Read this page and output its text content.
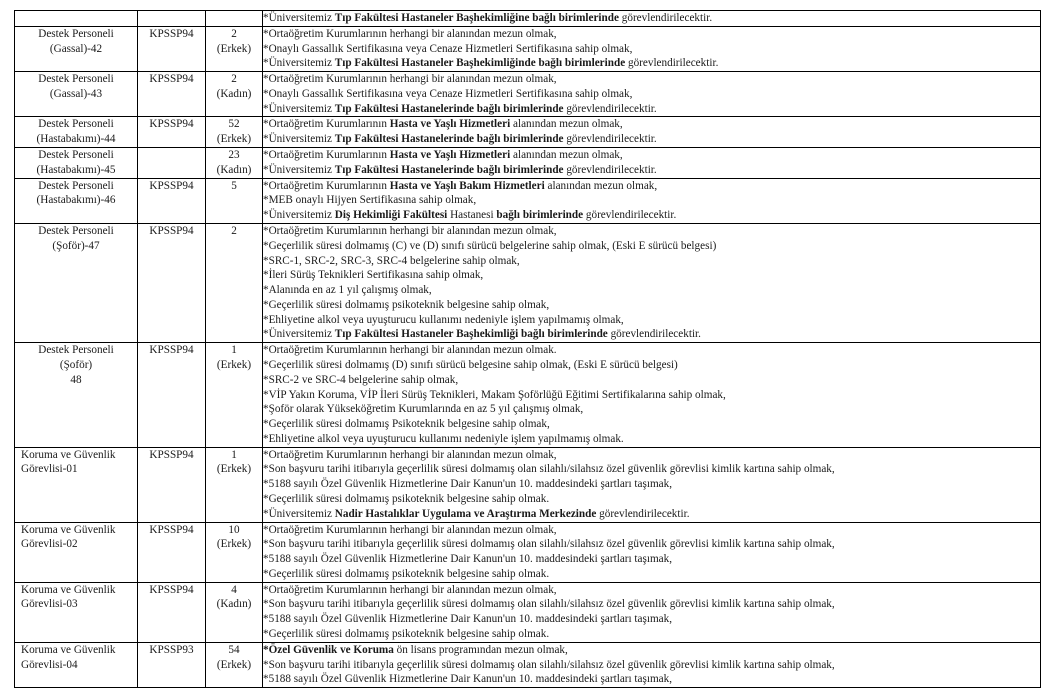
			*Üniversitemiz Tıp Fakültesi Hastaneler Başhekimliğine bağlı birimlerinde görevlendirilecektir.

Destek Personeli
(Gassal)-42	KPSSP94	2
(Erkek)	*Ortaöğretim Kurumlarının herhangi bir alanından mezun olmak,
*Onaylı Gassallık Sertifikasına veya Cenaze Hizmetleri Sertifikasına sahip olmak,
*Üniversitemiz Tıp Fakültesi Hastaneler Başhekimliğinde bağlı birimlerinde görevlendirilecektir.

Destek Personeli
(Gassal)-43	KPSSP94	2
(Kadın)	*Ortaöğretim Kurumlarının herhangi bir alanından mezun olmak,
*Onaylı Gassallık Sertifikasına veya Cenaze Hizmetleri Sertifikasına sahip olmak,
*Üniversitemiz Tıp Fakültesi Hastanelerinde bağlı birimlerinde görevlendirilecektir.

Destek Personeli
(Hastabakımı)-44	KPSSP94	52
(Erkek)	*Ortaöğretim Kurumlarının Hasta ve Yaşlı Hizmetleri alanından mezun olmak,
*Üniversitemiz Tıp Fakültesi Hastanelerinde bağlı birimlerinde görevlendirilecektir.

Destek Personeli
(Hastabakımı)-45		23
(Kadın)	*Ortaöğretim Kurumlarının Hasta ve Yaşlı Hizmetleri alanından mezun olmak,
*Üniversitemiz Tıp Fakültesi Hastanelerinde bağlı birimlerinde görevlendirilecektir.

Destek Personeli
(Hastabakımı)-46	KPSSP94	5	*Ortaöğretim Kurumlarının Hasta ve Yaşlı Bakım Hizmetleri alanından mezun olmak,
*MEB onaylı Hijyen Sertifikasına sahip olmak,
*Üniversitemiz Diş Hekimliği Fakültesi Hastanesi bağlı birimlerinde görevlendirilecektir.

Destek Personeli
(Şoför)-47
	KPSSP94	2	*Ortaöğretim Kurumlarının herhangi bir alanından mezun olmak,
*Geçerlilik süresi dolmamış (C) ve (D) sınıfı sürücü belgelerine sahip olmak, (Eski E sürücü belgesi)
*SRC-1, SRC-2, SRC-3, SRC-4 belgelerine sahip olmak,
*İleri Sürüş Teknikleri Sertifikasına sahip olmak,
*Alanında en az 1 yıl çalışmış olmak,
*Geçerlilik süresi dolmamış psikoteknik belgesine sahip olmak,
*Ehliyetine alkol veya uyuşturucu kullanımı nedeniyle işlem yapılmamış olmak,
*Üniversitemiz Tıp Fakültesi Hastaneler Başhekimliği bağlı birimlerinde görevlendirilecektir.

Destek Personeli
(Şoför)
48
	KPSSP94	1
(Erkek)

*Ortaöğretim Kurumlarının herhangi bir alanından mezun olmak.
*Geçerlilik süresi dolmamış (D) sınıfı sürücü belgesine sahip olmak, (Eski E sürücü belgesi)
*SRC-2 ve SRC-4 belgelerine sahip olmak,
*VİP Yakın Koruma, VİP İleri Sürüş Teknikleri, Makam Şoförlüğü Eğitimi Sertifikalarına sahip olmak,
*Şoför olarak Yükseköğretim Kurumlarında en az 5 yıl çalışmış olmak,
*Geçerlilik süresi dolmamış Psikoteknik belgesine sahip olmak,
*Ehliyetine alkol veya uyuşturucu kullanımı nedeniyle işlem yapılmamış olmak.

Koruma ve Güvenlik
Görevlisi-01	KPSSP94	1
(Erkek)	*Ortaöğretim Kurumlarının herhangi bir alanından mezun olmak,
*Son başvuru tarihi itibarıyla geçerlilik süresi dolmamış olan silahlı/silahsız özel güvenlik görevlisi kimlik kartına sahip olmak,
*5188 sayılı Özel Güvenlik Hizmetlerine Dair Kanun'un 10. maddesindeki şartları taşımak,
*Geçerlilik süresi dolmamış psikoteknik belgesine sahip olmak.
*Üniversitemiz Nadir Hastalıklar Uygulama ve Araştırma Merkezinde görevlendirilecektir.

Koruma ve Güvenlik
Görevlisi-02	KPSSP94	10
(Erkek)	*Ortaöğretim Kurumlarının herhangi bir alanından mezun olmak,
*Son başvuru tarihi itibarıyla geçerlilik süresi dolmamış olan silahlı/silahsız özel güvenlik görevlisi kimlik kartına sahip olmak,
*5188 sayılı Özel Güvenlik Hizmetlerine Dair Kanun'un 10. maddesindeki şartları taşımak,
*Geçerlilik süresi dolmamış psikoteknik belgesine sahip olmak.

Koruma ve Güvenlik
Görevlisi-03	KPSSP94	4
(Kadın)	*Ortaöğretim Kurumlarının herhangi bir alanından mezun olmak,
*Son başvuru tarihi itibarıyla geçerlilik süresi dolmamış olan silahlı/silahsız özel güvenlik görevlisi kimlik kartına sahip olmak,
*5188 sayılı Özel Güvenlik Hizmetlerine Dair Kanun'un 10. maddesindeki şartları taşımak,
*Geçerlilik süresi dolmamış psikoteknik belgesine sahip olmak.

Koruma ve Güvenlik
Görevlisi-04	KPSSP93	54
(Erkek)	*Özel Güvenlik ve Koruma ön lisans programından mezun olmak,
*Son başvuru tarihi itibarıyla geçerlilik süresi dolmamış olan silahlı/silahsız özel güvenlik görevlisi kimlik kartına sahip olmak,
*5188 sayılı Özel Güvenlik Hizmetlerine Dair Kanun'un 10. maddesindeki şartları taşımak,
